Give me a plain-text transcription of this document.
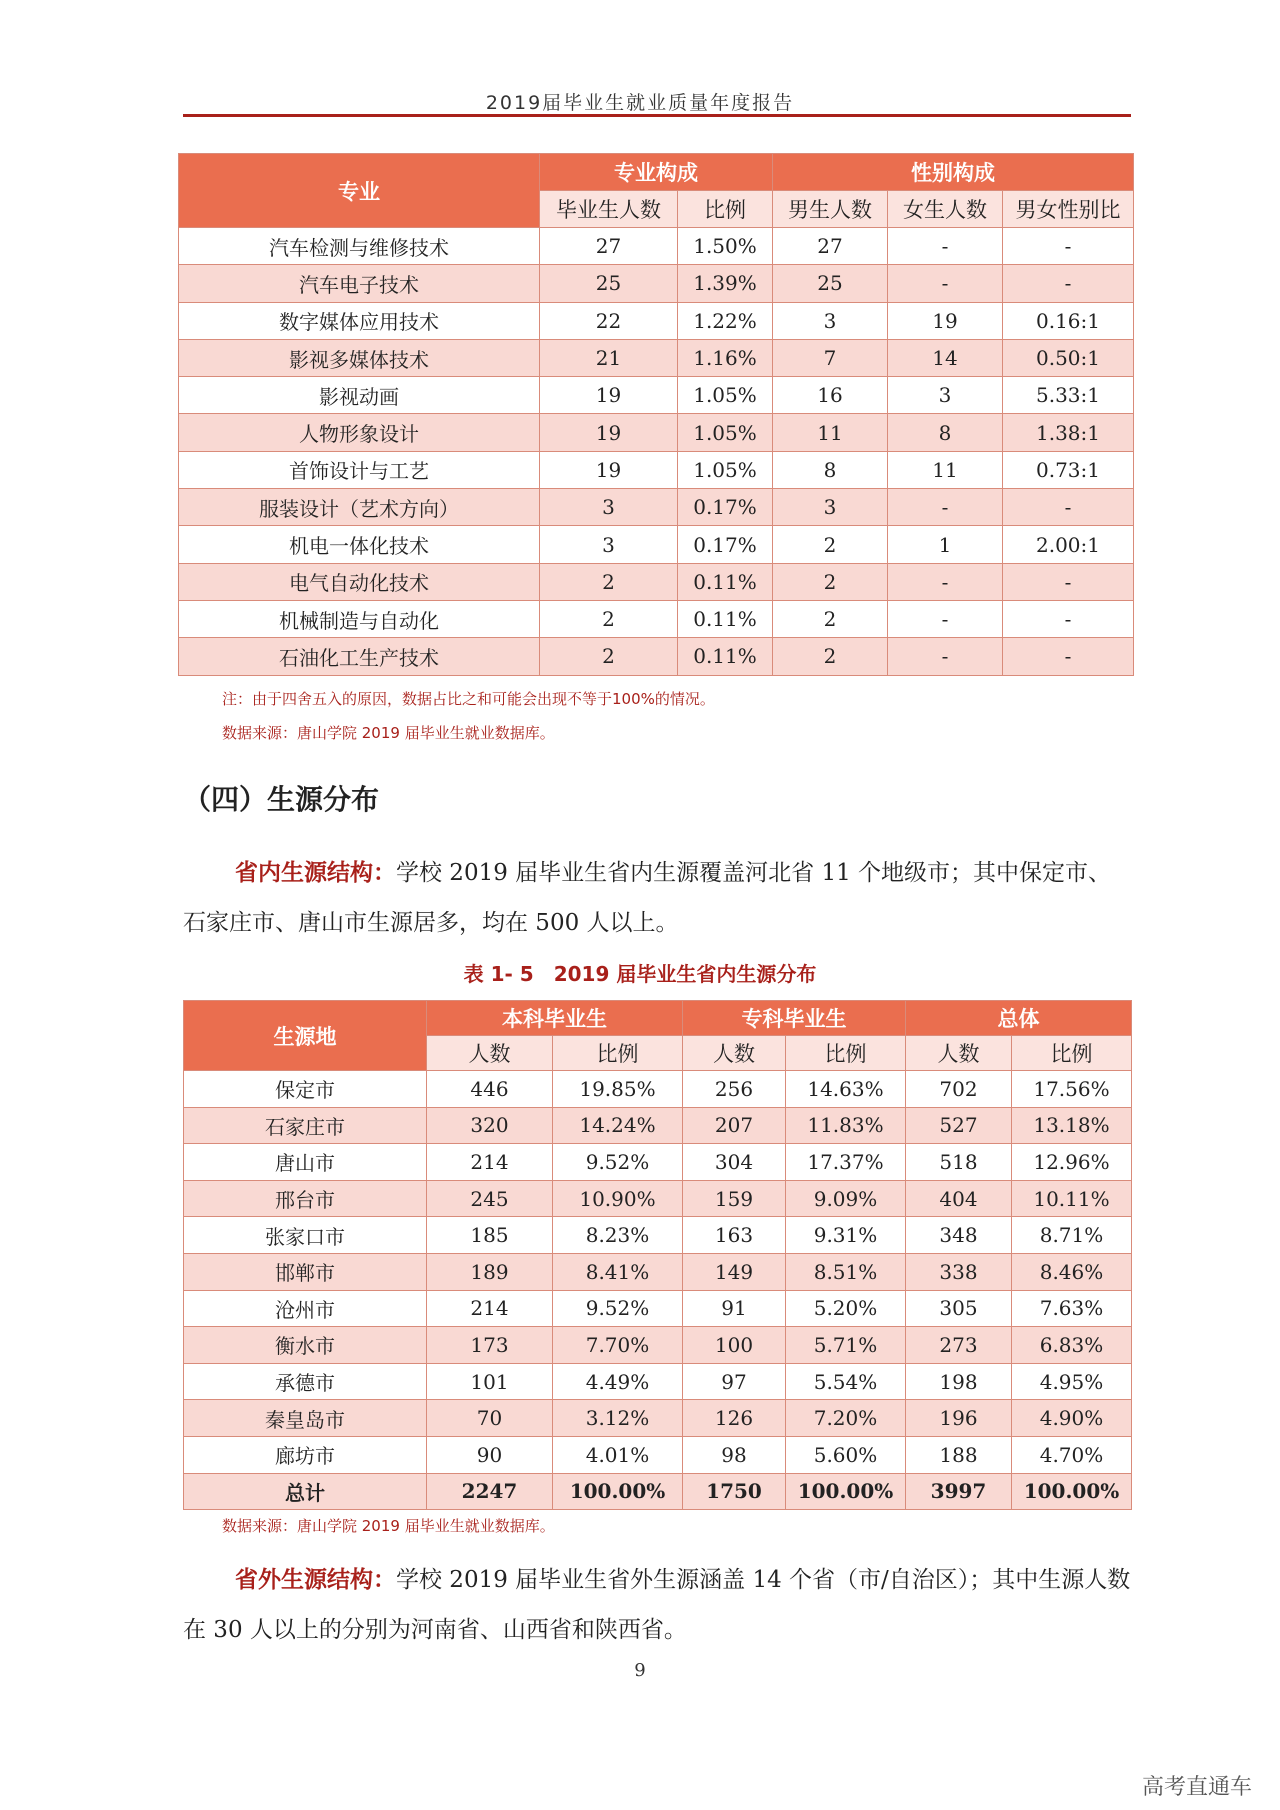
2019届毕业生就业质量年度报告
专业	专业构成		性别构成		
	毕业生人数	比例	男生人数	女生人数	男女性别比
汽车检测与维修技术	27	1.50%	27	-	-
汽车电子技术	25	1.39%	25	-	-
数字媒体应用技术	22	1.22%	3	19	0.16:1
影视多媒体技术	21	1.16%	7	14	0.50:1
影视动画	19	1.05%	16	3	5.33:1
人物形象设计	19	1.05%	11	8	1.38:1
首饰设计与工艺	19	1.05%	8	11	0.73:1
服装设计（艺术方向）	3	0.17%	3	-	-
机电一体化技术	3	0.17%	2	1	2.00:1
电气自动化技术	2	0.11%	2	-	-
机械制造与自动化	2	0.11%	2	-	-
石油化工生产技术	2	0.11%	2	-	-
注：由于四舍五入的原因，数据占比之和可能会出现不等于100%的情况。
数据来源：唐山学院 2019 届毕业生就业数据库。
（四）生源分布
省内生源结构：学校 2019 届毕业生省内生源覆盖河北省 11 个地级市；其中保定市、石家庄市、唐山市生源居多，均在 500 人以上。
表 1- 5　2019 届毕业生省内生源分布
生源地	本科毕业生		专科毕业生		总体	
	人数	比例	人数	比例	人数	比例
保定市	446	19.85%	256	14.63%	702	17.56%
石家庄市	320	14.24%	207	11.83%	527	13.18%
唐山市	214	9.52%	304	17.37%	518	12.96%
邢台市	245	10.90%	159	9.09%	404	10.11%
张家口市	185	8.23%	163	9.31%	348	8.71%
邯郸市	189	8.41%	149	8.51%	338	8.46%
沧州市	214	9.52%	91	5.20%	305	7.63%
衡水市	173	7.70%	100	5.71%	273	6.83%
承德市	101	4.49%	97	5.54%	198	4.95%
秦皇岛市	70	3.12%	126	7.20%	196	4.90%
廊坊市	90	4.01%	98	5.60%	188	4.70%
总计	2247	100.00%	1750	100.00%	3997	100.00%
数据来源：唐山学院 2019 届毕业生就业数据库。
省外生源结构：学校 2019 届毕业生省外生源涵盖 14 个省（市/自治区）；其中生源人数在 30 人以上的分别为河南省、山西省和陕西省。
9
高考直通车
